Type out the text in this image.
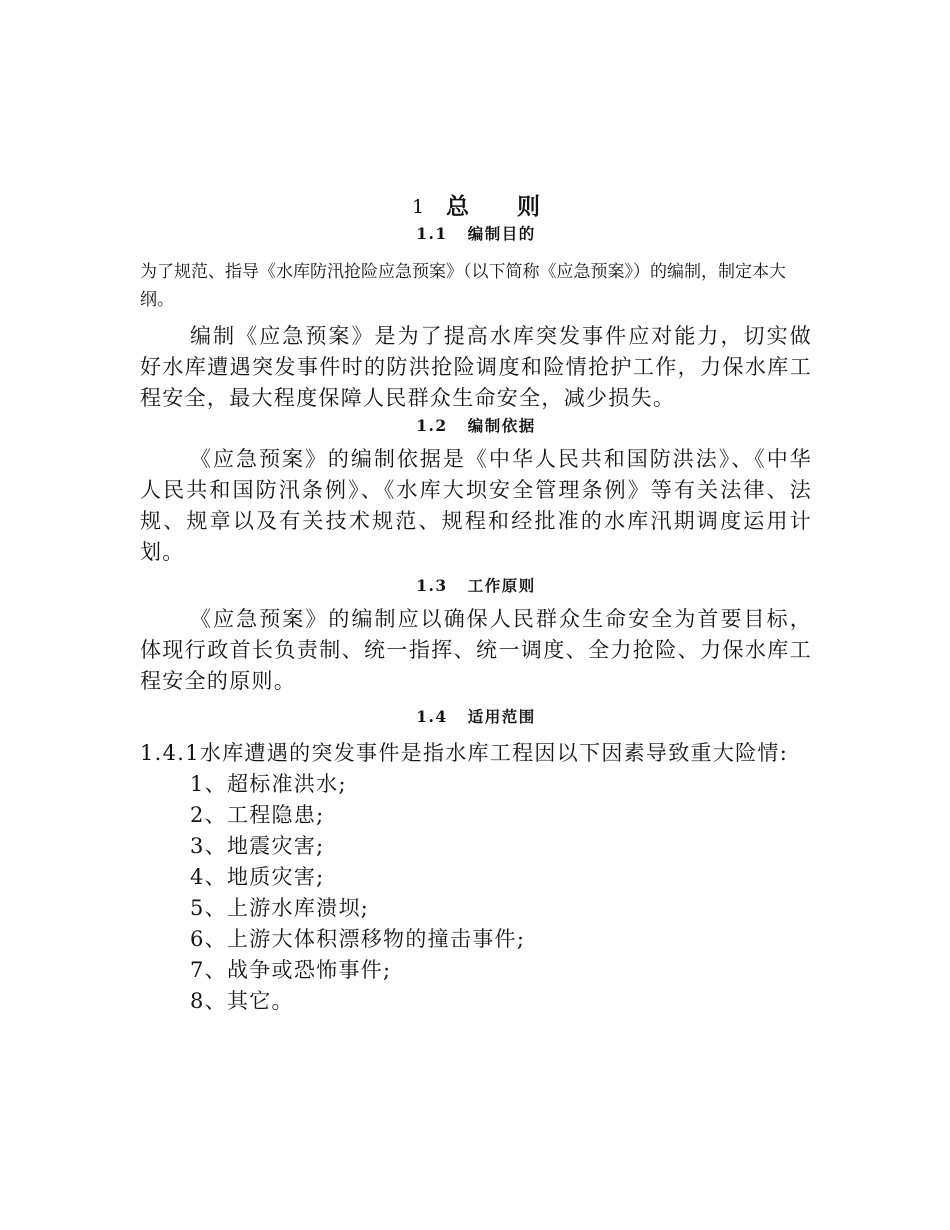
1 总则
1.1 编制目的

为了规范、指导《水库防汛抢险应急预案》（以下简称《应急预案》）的编制，制定本大纲。

编制《应急预案》是为了提高水库突发事件应对能力，切实做好水库遭遇突发事件时的防洪抢险调度和险情抢护工作，力保水库工程安全，最大程度保障人民群众生命安全，减少损失。

1.2 编制依据

《应急预案》的编制依据是《中华人民共和国防洪法》、《中华人民共和国防汛条例》、《水库大坝安全管理条例》等有关法律、法规、规章以及有关技术规范、规程和经批准的水库汛期调度运用计划。

1.3 工作原则

《应急预案》的编制应以确保人民群众生命安全为首要目标，体现行政首长负责制、统一指挥、统一调度、全力抢险、力保水库工程安全的原则。

1.4 适用范围

1.4.1水库遭遇的突发事件是指水库工程因以下因素导致重大险情:

1、超标准洪水;
2、工程隐患;
3、地震灾害;
4、地质灾害;
5、上游水库溃坝;
6、上游大体积漂移物的撞击事件;
7、战争或恐怖事件;
8、其它。
